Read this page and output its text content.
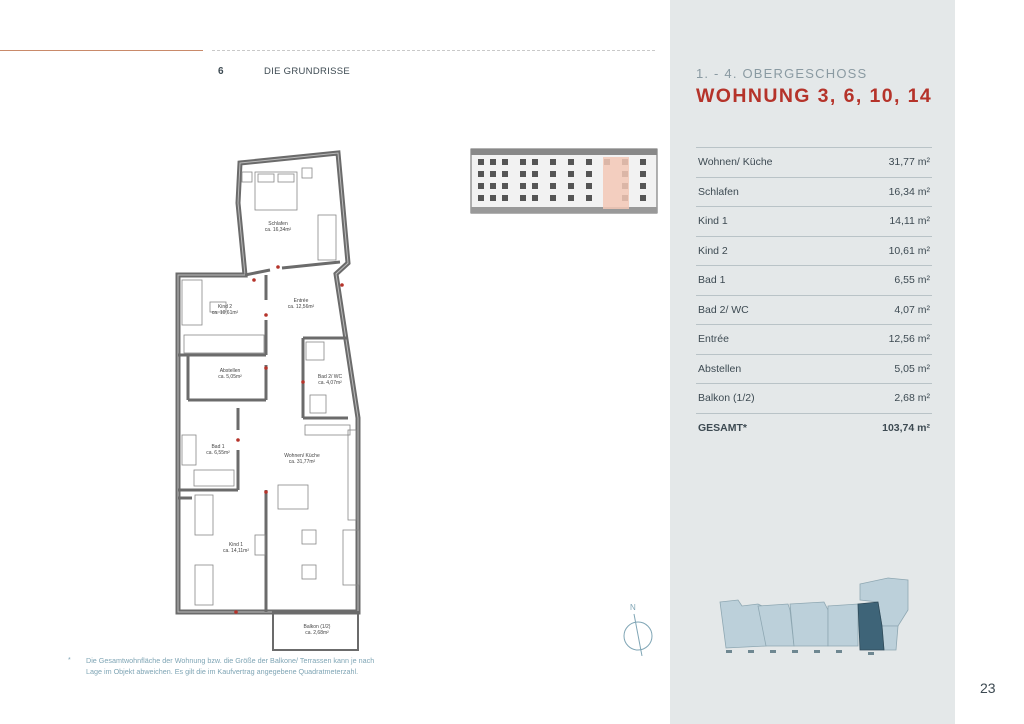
6	DIE GRUNDRISSE
Schlafen
ca. 16,34m²
Kind 2
ca. 10,61m²
Entrée
ca. 12,56m²
Abstellen
ca. 5,05m²	Bad 2/ WC
ca. 4,07m²
Bad 1
ca. 6,55m²	Wohnen/ Küche
ca. 31,77m²
Kind 1
ca. 14,11m²
Balkon (1/2)
ca. 2,68m²
1. - 4. OBERGESCHOSS
WOHNUNG 3, 6, 10, 14
Wohnen/ Küche	31,77 m²
Schlafen	16,34 m²
Kind 1	14,11 m²
Kind 2	10,61 m²
Bad 1	6,55 m²
Bad 2/ WC	4,07 m²
Entrée	12,56 m²
Abstellen	5,05 m²
Balkon (1/2)	2,68 m²
GESAMT*	103,74 m²
N
* Die Gesamtwohnfläche der Wohnung bzw. die Größe der Balkone/ Terrassen kann je nach Lage im Objekt abweichen. Es gilt die im Kaufvertrag angegebene Quadratmeterzahl.
23
